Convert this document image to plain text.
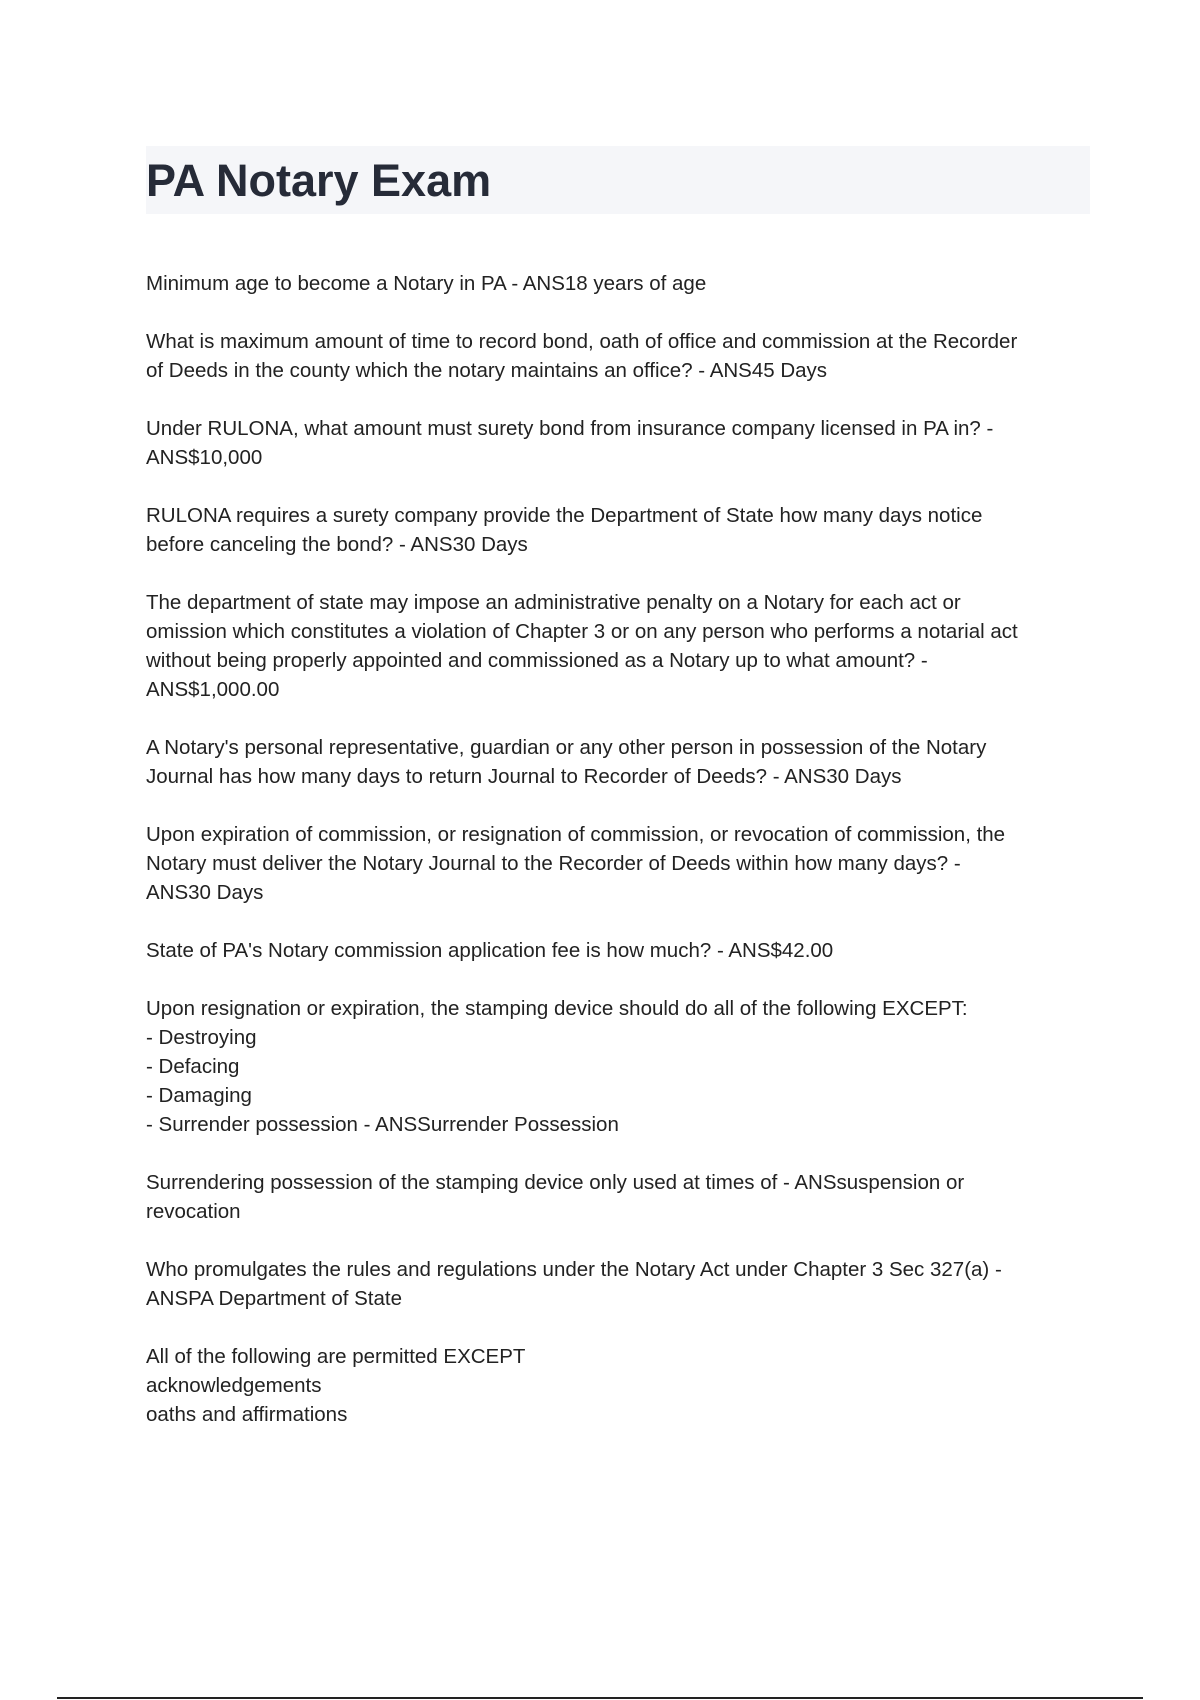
PA Notary Exam

Minimum age to become a Notary in PA - ANS18 years of age

What is maximum amount of time to record bond, oath of office and commission at the Recorder
of Deeds in the county which the notary maintains an office? - ANS45 Days

Under RULONA, what amount must surety bond from insurance company licensed in PA in? -
ANS$10,000

RULONA requires a surety company provide the Department of State how many days notice
before canceling the bond? - ANS30 Days

The department of state may impose an administrative penalty on a Notary for each act or
omission which constitutes a violation of Chapter 3 or on any person who performs a notarial act
without being properly appointed and commissioned as a Notary up to what amount? -
ANS$1,000.00

A Notary's personal representative, guardian or any other person in possession of the Notary
Journal has how many days to return Journal to Recorder of Deeds? - ANS30 Days

Upon expiration of commission, or resignation of commission, or revocation of commission, the
Notary must deliver the Notary Journal to the Recorder of Deeds within how many days? -
ANS30 Days

State of PA's Notary commission application fee is how much? - ANS$42.00

Upon resignation or expiration, the stamping device should do all of the following EXCEPT:
- Destroying
- Defacing
- Damaging
- Surrender possession - ANSSurrender Possession

Surrendering possession of the stamping device only used at times of - ANSsuspension or
revocation

Who promulgates the rules and regulations under the Notary Act under Chapter 3 Sec 327(a) -
ANSPA Department of State

All of the following are permitted EXCEPT
acknowledgements
oaths and affirmations
